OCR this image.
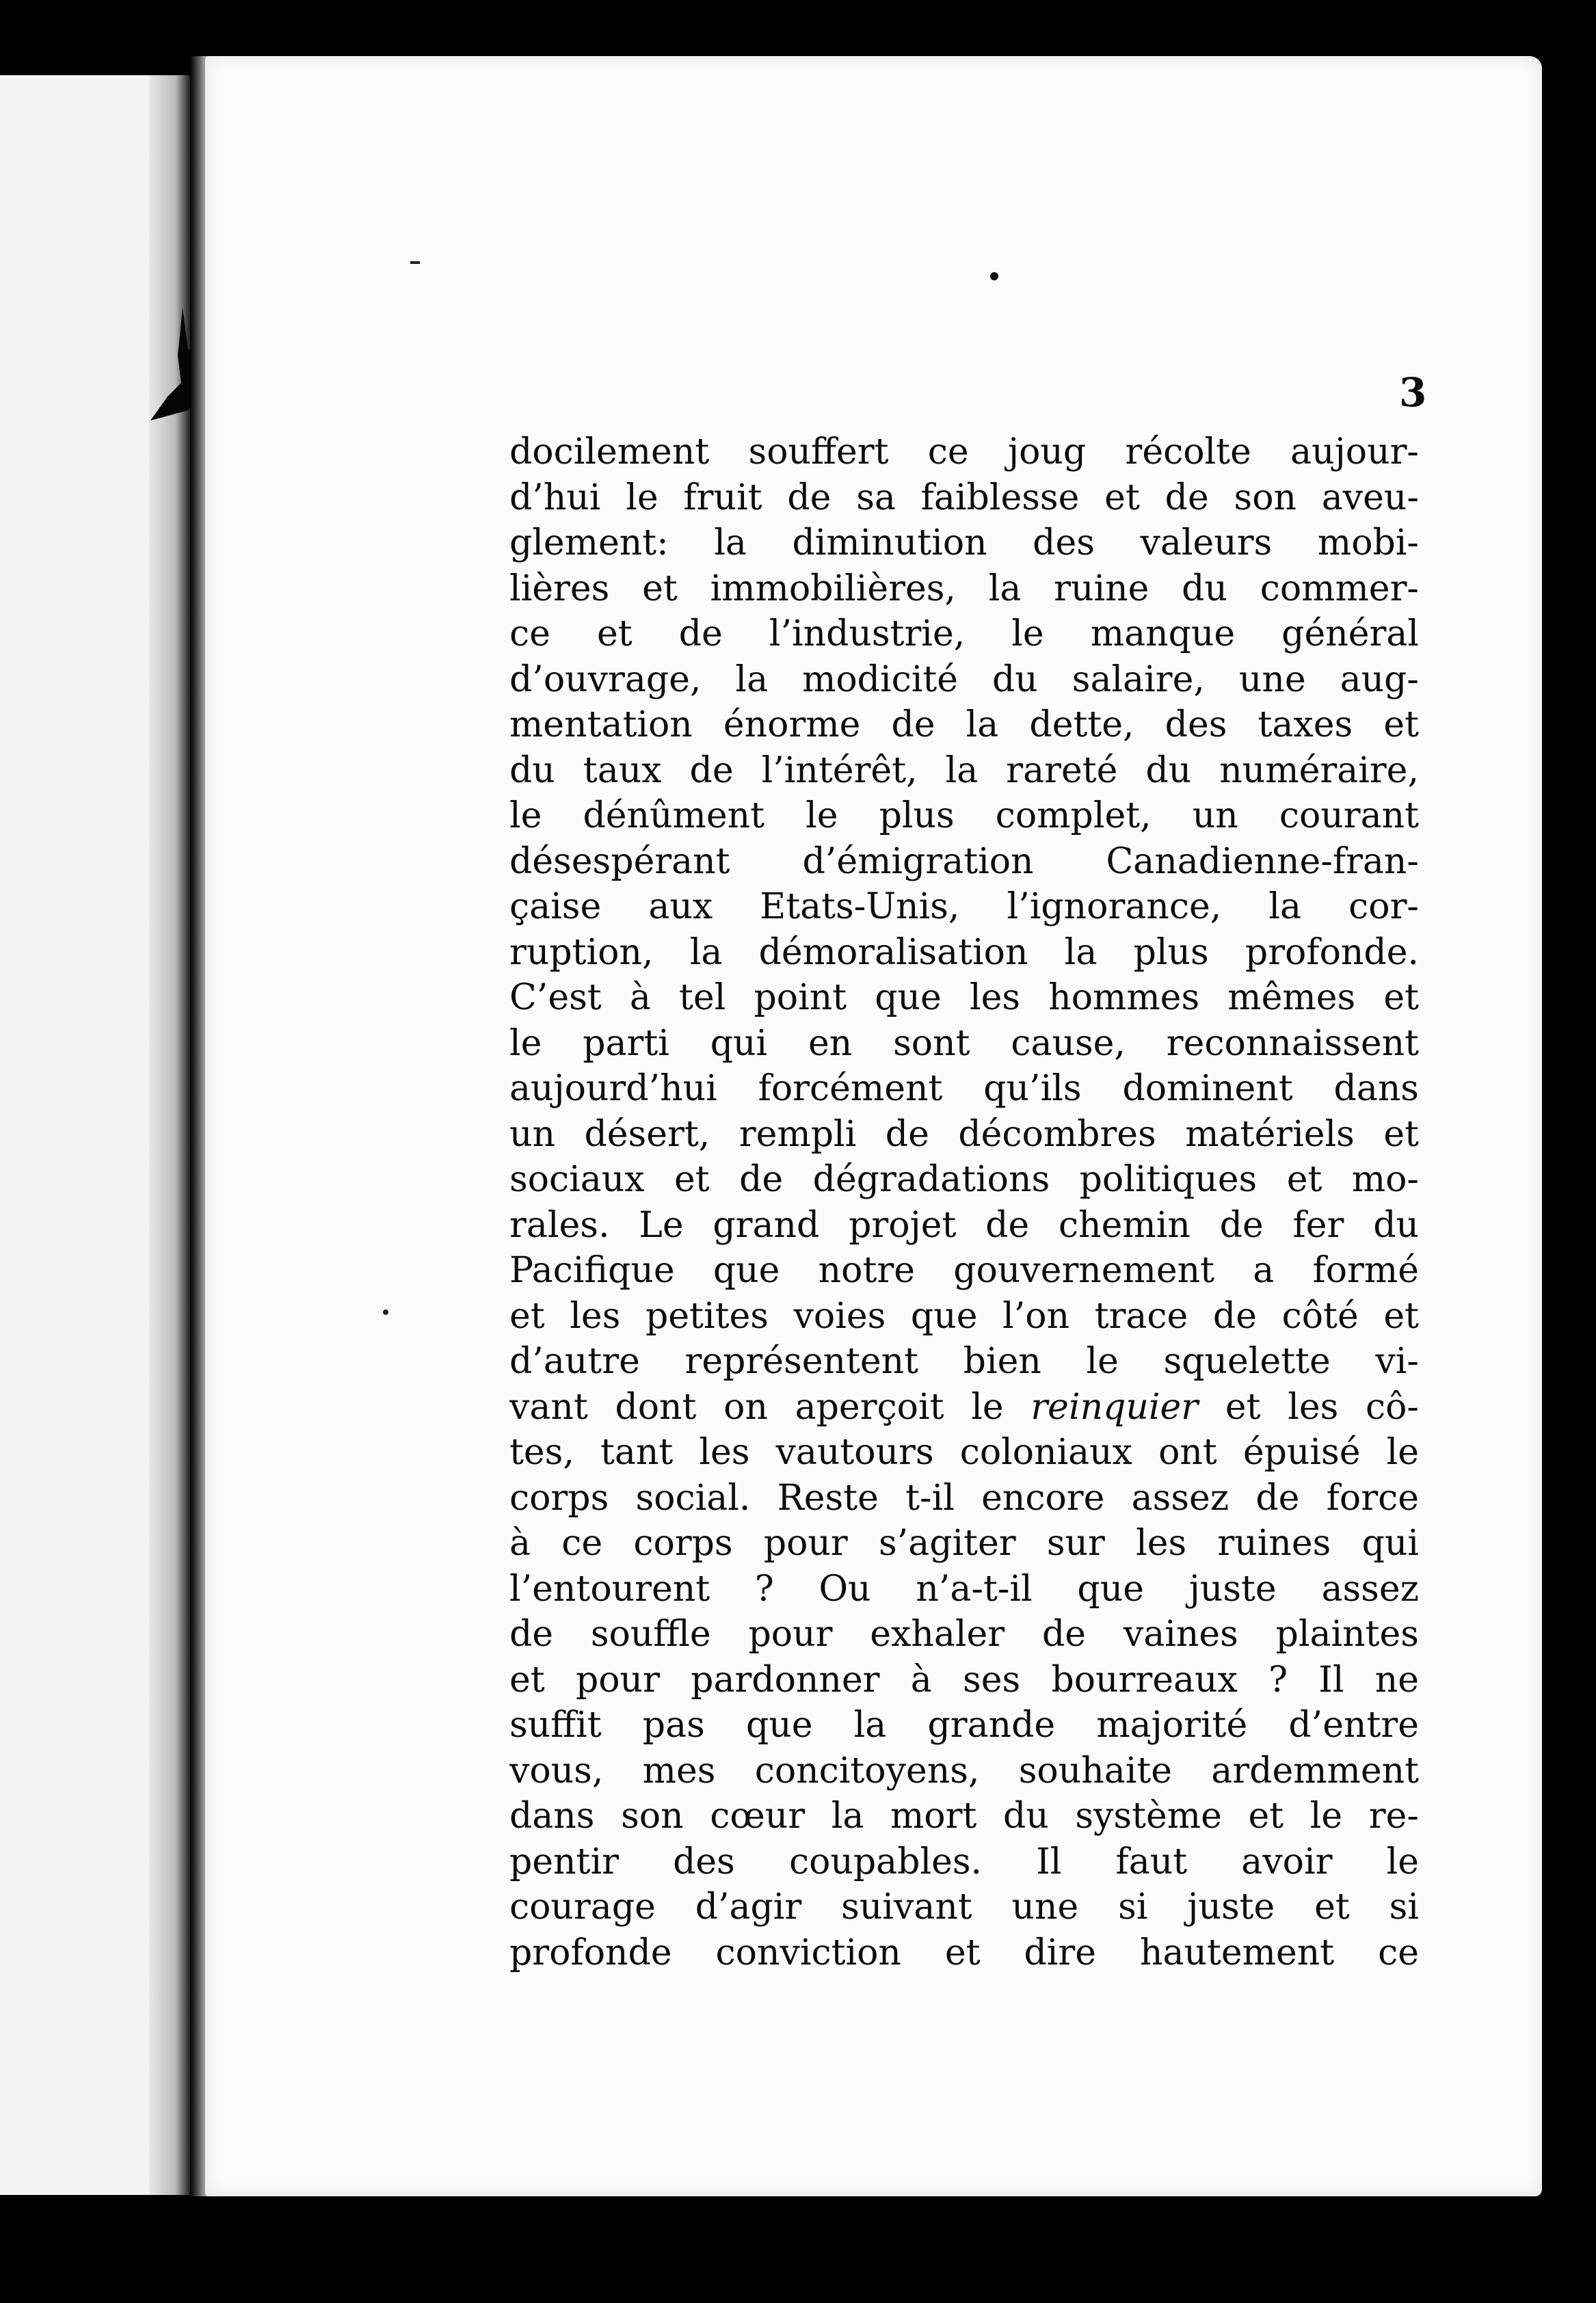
3
docilement souffert ce joug récolte aujour-
d’hui le fruit de sa faiblesse et de son aveu-
glement: la diminution des valeurs mobi-
lières et immobilières, la ruine du commer-
ce et de l’industrie, le manque général
d’ouvrage, la modicité du salaire, une aug-
mentation énorme de la dette, des taxes et
du taux de l’intérêt, la rareté du numéraire,
le dénûment le plus complet, un courant
désespérant d’émigration Canadienne-fran-
çaise aux Etats-Unis, l’ignorance, la cor-
ruption, la démoralisation la plus profonde.
C’est à tel point que les hommes mêmes et
le parti qui en sont cause, reconnaissent
aujourd’hui forcément qu’ils dominent dans
un désert, rempli de décombres matériels et
sociaux et de dégradations politiques et mo-
rales. Le grand projet de chemin de fer du
Pacifique que notre gouvernement a formé
et les petites voies que l’on trace de côté et
d’autre représentent bien le squelette vi-
vant dont on aperçoit le reinquier et les cô-
tes, tant les vautours coloniaux ont épuisé le
corps social. Reste t-il encore assez de force
à ce corps pour s’agiter sur les ruines qui
l’entourent ? Ou n’a-t-il que juste assez
de souffle pour exhaler de vaines plaintes
et pour pardonner à ses bourreaux ? Il ne
suffit pas que la grande majorité d’entre
vous, mes concitoyens, souhaite ardemment
dans son cœur la mort du système et le re-
pentir des coupables. Il faut avoir le
courage d’agir suivant une si juste et si
profonde conviction et dire hautement ce
